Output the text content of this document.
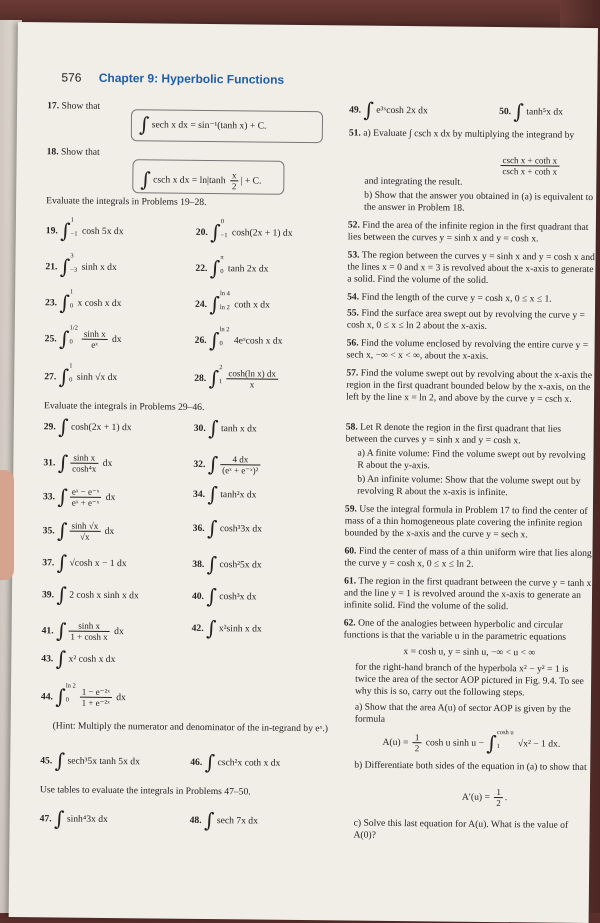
576 Chapter 9: Hyperbolic Functions
17. Show that
∫ sech x dx = sin⁻¹(tanh x) + C.
18. Show that
∫ csch x dx = $\ln|\tanh \frac{x}{2}$ | + C.
Evaluate the integrals in Problems 19–28.
19. ∫1

−1 cosh 5x dx	20. ∫0

−1 cosh(2x + 1) dx
21. ∫3

−3 sinh x dx	22. ∫π

0 tanh 2x dx
23. ∫1

0 x cosh x dx	24. ∫ln 4

ln 2 coth x dx
25. ∫1/2

$0 \frac{\text{sinh x}}{\text{eˣ}}$ dx	26. ∫ln 2

0 4eˣcosh x dx
27. ∫1

0 sinh √x dx	28. ∫2

$1 \frac{\text{cosh(ln x) dx}}{x}$
Evaluate the integrals in Problems 29–46.
29. ∫ cosh(2x + 1) dx	30. ∫ tanh x dx
31. ∫ $\frac{\text{sinh x}}{\text{cosh⁴x}}$ dx	32. ∫ $\frac{4 dx}{\text{(eˣ + e⁻ˣ)²}}$
33. ∫ $\frac{\text{eˣ − e⁻ˣ}}{\text{eˣ + e⁻ˣ}}$ dx	34. ∫ tanh²x dx
35. ∫ $\frac{\sinh √x}{√x}$ dx	36. ∫ cosh³3x dx
37. ∫ √cosh x − 1 dx	38. ∫ cosh²5x dx
39. ∫ 2 cosh x sinh x dx	40. ∫ cosh³x dx
41. ∫ $\frac{\text{sinh x}}{\text{1 + cosh x}}$ dx	42. ∫ x²sinh x dx
43. ∫ x² cosh x dx
44. ∫ln 2

$0 \frac{\text{1 − e⁻²ˣ}}{\text{1 + e⁻²ˣ}}$ dx
(Hint: Multiply the numerator and denominator of the in-tegrand by eˣ.)
45. ∫ sech³5x tanh 5x dx	46. ∫ csch²x coth x dx
Use tables to evaluate the integrals in Problems 47–50.
47. ∫ sinh⁴3x dx	48. ∫ sech 7x dx
49. ∫ e³ˣcosh 2x dx	50. ∫ tanh⁵x dx
51. a) Evaluate ∫ csch x dx by multiplying the integrand by
$\frac{\text{csch x + coth x}}{\text{csch x + coth x}}$
and integrating the result.
b) Show that the answer you obtained in (a) is equivalent to the answer in Problem 18.
52. Find the area of the infinite region in the first quadrant that lies between the curves y = sinh x and y = cosh x.
53. The region between the curves y = sinh x and y = cosh x and the lines x = 0 and x = 3 is revolved about the x-axis to generate a solid. Find the volume of the solid.
54. Find the length of the curve y = cosh x, 0 ≤ x ≤ 1.
55. Find the surface area swept out by revolving the curve y = cosh x, 0 ≤ x ≤ ln 2 about the x-axis.
56. Find the volume enclosed by revolving the entire curve y = sech x, −∞ < x < ∞, about the x-axis.
57. Find the volume swept out by revolving about the x-axis the region in the first quadrant bounded below by the x-axis, on the left by the line x = ln 2, and above by the curve y = csch x.
58. Let R denote the region in the first quadrant that lies between the curves y = sinh x and y = cosh x.
a) A finite volume: Find the volume swept out by revolving R about the y-axis.
b) An infinite volume: Show that the volume swept out by revolving R about the x-axis is infinite.
59. Use the integral formula in Problem 17 to find the center of mass of a thin homogeneous plate covering the infinite region bounded by the x-axis and the curve y = sech x.
60. Find the center of mass of a thin uniform wire that lies along the curve y = cosh x, 0 ≤ x ≤ ln 2.
61. The region in the first quadrant between the curve y = tanh x and the line y = 1 is revolved around the x-axis to generate an infinite solid. Find the volume of the solid.
62. One of the analogies between hyperbolic and circular functions is that the variable u in the parametric equations
x = cosh u, y = sinh u, −∞ < u < ∞
for the right-hand branch of the hyperbola x² − y² = 1 is twice the area of the sector AOP pictured in Fig. 9.4. To see why this is so, carry out the following steps.
a) Show that the area A(u) of sector AOP is given by the formula
$A(u) = \frac{1}{2}$ cosh u sinh u − ∫cosh u

1 √x² − 1 dx.
b) Differentiate both sides of the equation in (a) to show that
$A'(u) = \frac{1}{2}$ .
c) Solve this last equation for A(u). What is the value of A(0)?
